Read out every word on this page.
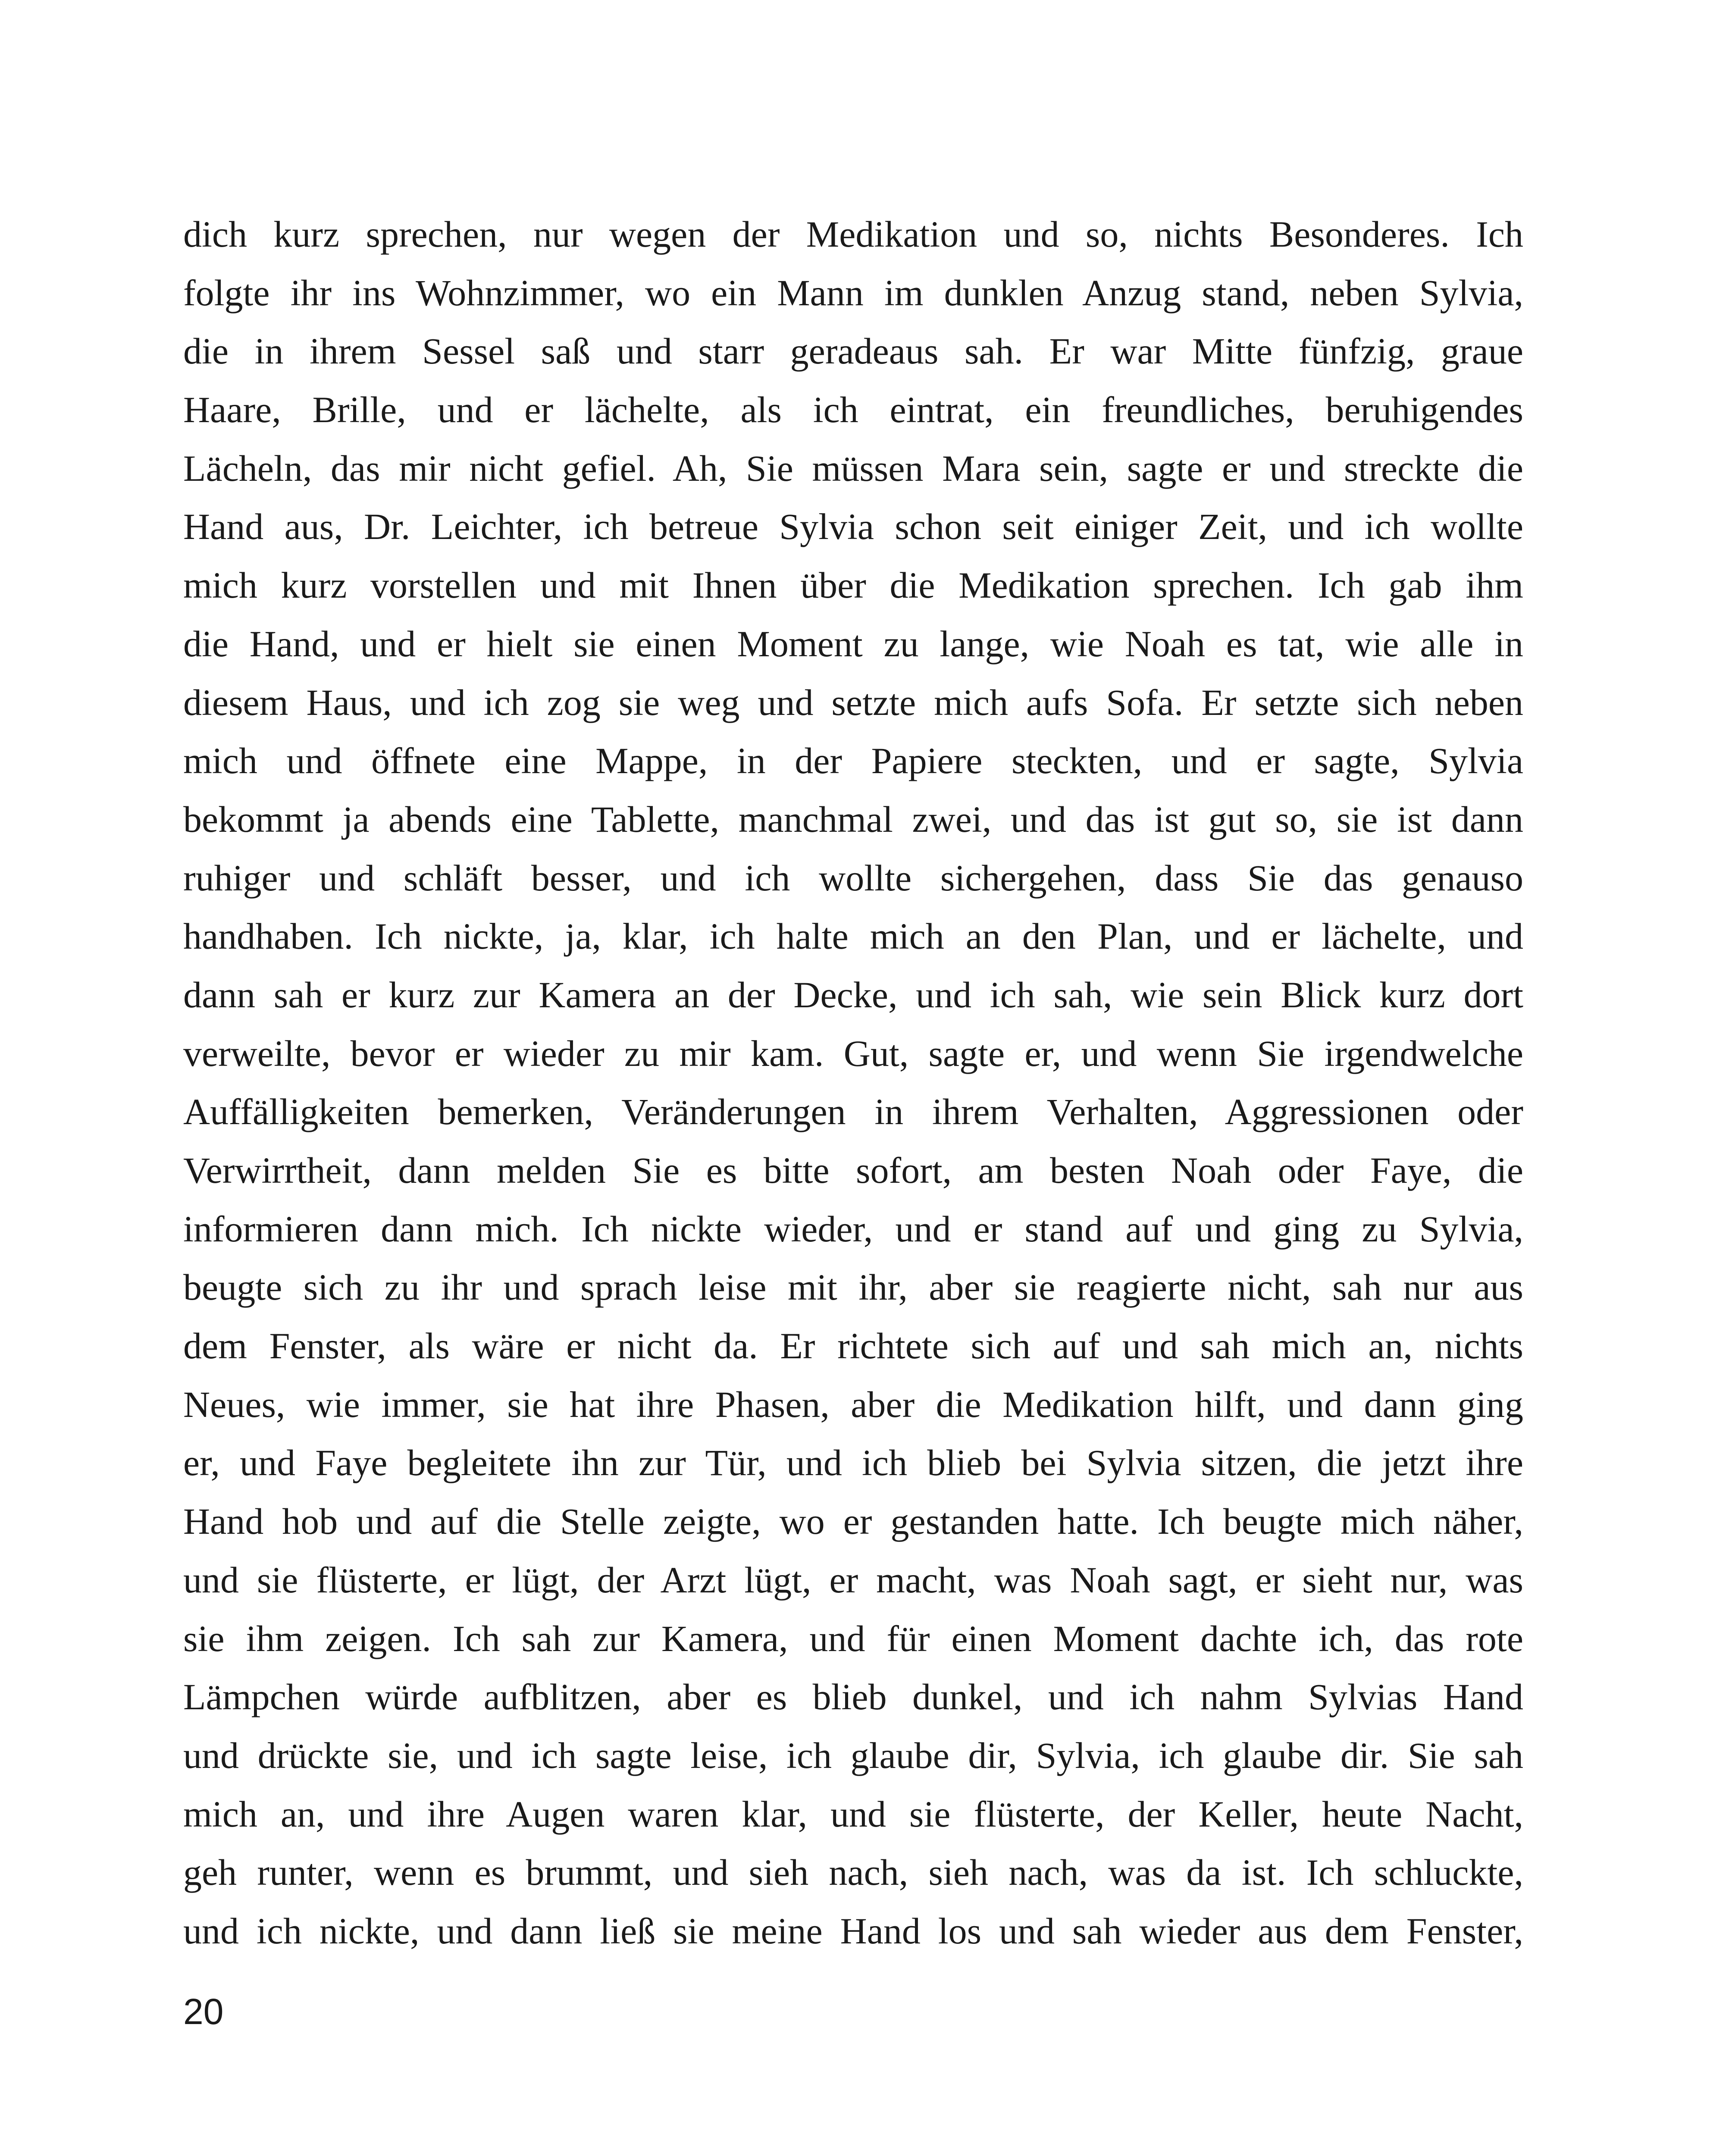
dich kurz sprechen, nur wegen der Medikation und so, nichts Besonderes. Ich
folgte ihr ins Wohnzimmer, wo ein Mann im dunklen Anzug stand, neben Sylvia,
die in ihrem Sessel saß und starr geradeaus sah. Er war Mitte fünfzig, graue
Haare, Brille, und er lächelte, als ich eintrat, ein freundliches, beruhigendes
Lächeln, das mir nicht gefiel. Ah, Sie müssen Mara sein, sagte er und streckte die
Hand aus, Dr. Leichter, ich betreue Sylvia schon seit einiger Zeit, und ich wollte
mich kurz vorstellen und mit Ihnen über die Medikation sprechen. Ich gab ihm
die Hand, und er hielt sie einen Moment zu lange, wie Noah es tat, wie alle in
diesem Haus, und ich zog sie weg und setzte mich aufs Sofa. Er setzte sich neben
mich und öffnete eine Mappe, in der Papiere steckten, und er sagte, Sylvia
bekommt ja abends eine Tablette, manchmal zwei, und das ist gut so, sie ist dann
ruhiger und schläft besser, und ich wollte sichergehen, dass Sie das genauso
handhaben. Ich nickte, ja, klar, ich halte mich an den Plan, und er lächelte, und
dann sah er kurz zur Kamera an der Decke, und ich sah, wie sein Blick kurz dort
verweilte, bevor er wieder zu mir kam. Gut, sagte er, und wenn Sie irgendwelche
Auffälligkeiten bemerken, Veränderungen in ihrem Verhalten, Aggressionen oder
Verwirrtheit, dann melden Sie es bitte sofort, am besten Noah oder Faye, die
informieren dann mich. Ich nickte wieder, und er stand auf und ging zu Sylvia,
beugte sich zu ihr und sprach leise mit ihr, aber sie reagierte nicht, sah nur aus
dem Fenster, als wäre er nicht da. Er richtete sich auf und sah mich an, nichts
Neues, wie immer, sie hat ihre Phasen, aber die Medikation hilft, und dann ging
er, und Faye begleitete ihn zur Tür, und ich blieb bei Sylvia sitzen, die jetzt ihre
Hand hob und auf die Stelle zeigte, wo er gestanden hatte. Ich beugte mich näher,
und sie flüsterte, er lügt, der Arzt lügt, er macht, was Noah sagt, er sieht nur, was
sie ihm zeigen. Ich sah zur Kamera, und für einen Moment dachte ich, das rote
Lämpchen würde aufblitzen, aber es blieb dunkel, und ich nahm Sylvias Hand
und drückte sie, und ich sagte leise, ich glaube dir, Sylvia, ich glaube dir. Sie sah
mich an, und ihre Augen waren klar, und sie flüsterte, der Keller, heute Nacht,
geh runter, wenn es brummt, und sieh nach, sieh nach, was da ist. Ich schluckte,
und ich nickte, und dann ließ sie meine Hand los und sah wieder aus dem Fenster,
20
